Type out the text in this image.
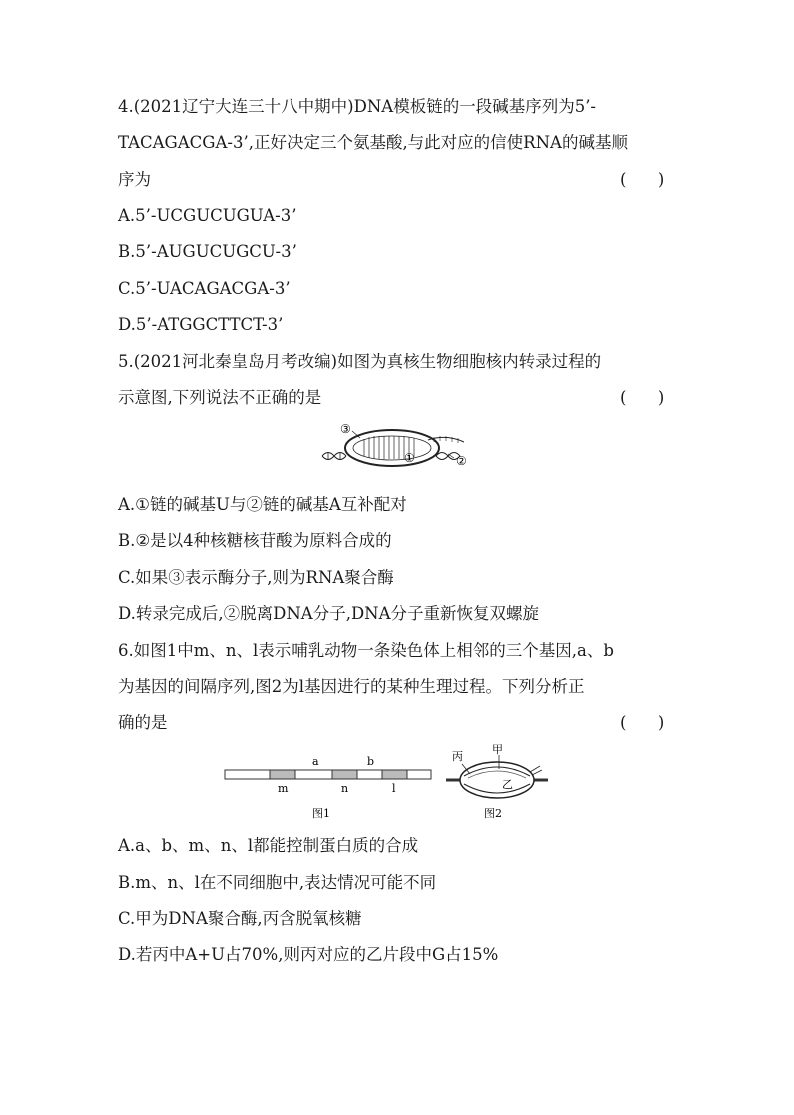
4.(2021辽宁大连三十八中期中)DNA模板链的一段碱基序列为5’-
TACAGACGA-3’,正好决定三个氨基酸,与此对应的信使RNA的碱基顺
序为	(      )
A.5’-UCGUCUGUA-3’
B.5’-AUGUCUGCU-3’
C.5’-UACAGACGA-3’
D.5’-ATGGCTTCT-3’
5.(2021河北秦皇岛月考改编)如图为真核生物细胞核内转录过程的
示意图,下列说法不正确的是	(      )
③
①	②
A.①链的碱基U与②链的碱基A互补配对
B.②是以4种核糖核苷酸为原料合成的
C.如果③表示酶分子,则为RNA聚合酶
D.转录完成后,②脱离DNA分子,DNA分子重新恢复双螺旋
6.如图1中m、n、l表示哺乳动物一条染色体上相邻的三个基因,a、b
为基因的间隔序列,图2为l基因进行的某种生理过程。下列分析正
确的是	(      )
a	b
m	n	l
图1
丙
甲
乙
图2
A.a、b、m、n、l都能控制蛋白质的合成
B.m、n、l在不同细胞中,表达情况可能不同
C.甲为DNA聚合酶,丙含脱氧核糖
D.若丙中A+U占70%,则丙对应的乙片段中G占15%
